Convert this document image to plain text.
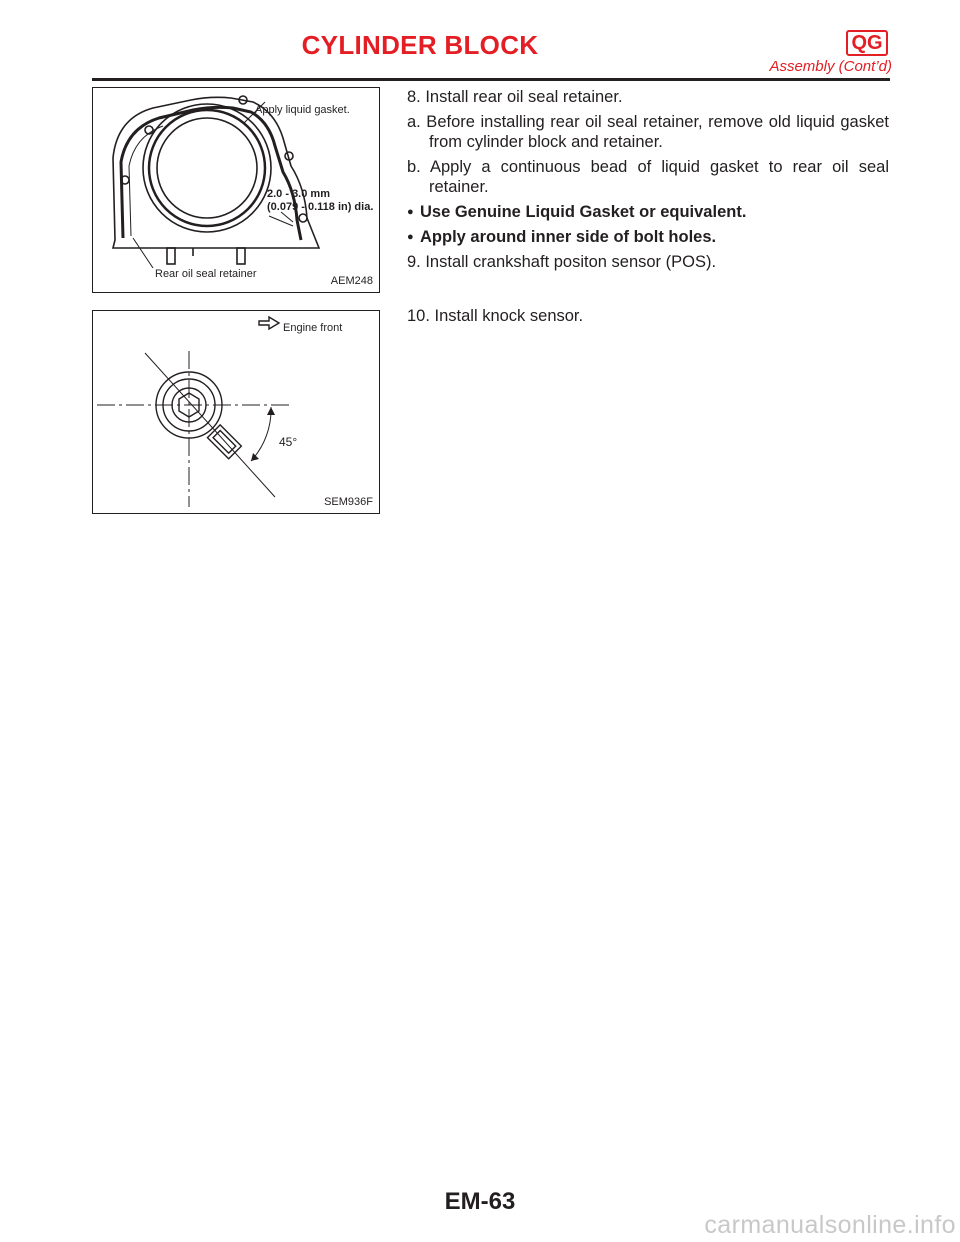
CYLINDER BLOCK	QG
Assembly (Cont’d)
Apply liquid gasket.
2.0 - 3.0 mm
(0.079 - 0.118 in) dia.
Rear oil seal retainer
AEM248
Engine front
45°
SEM936F

8. Install rear oil seal retainer.

a. Before installing rear oil seal retainer, remove old liquid gasket from cylinder block and retainer.

b. Apply a continuous bead of liquid gasket to rear oil seal retainer.

● Use Genuine Liquid Gasket or equivalent.

● Apply around inner side of bolt holes.

9. Install crankshaft positon sensor (POS).

10. Install knock sensor.

EM-63
carmanualsonline.info
